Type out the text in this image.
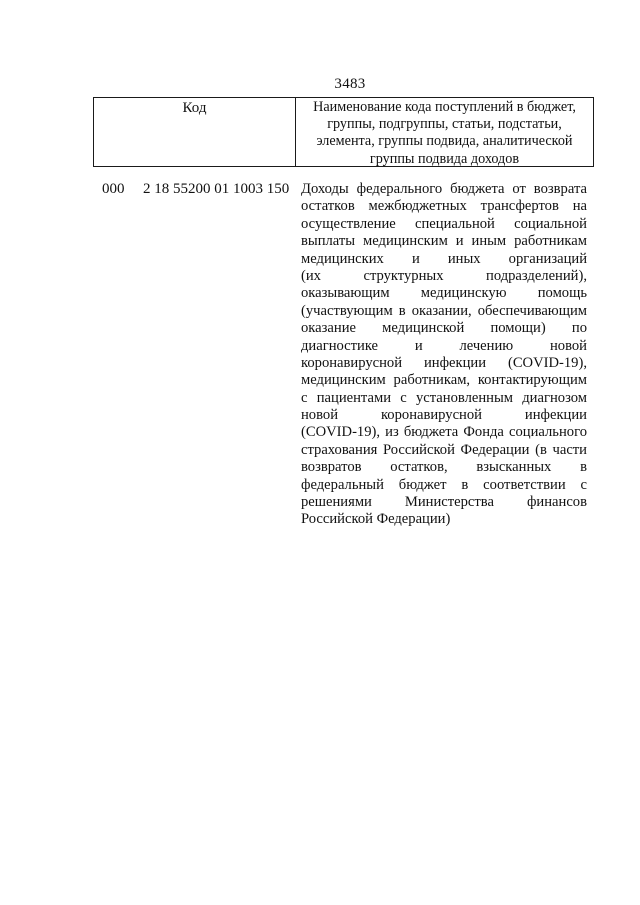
3483
Код	Наименование кода поступлений в бюджет,
группы, подгруппы, статьи, подстатьи,
элемента, группы подвида, аналитической
группы подвида доходов
000 2 18 55200 01 1003 150 Доходы федерального бюджета от возврата
остатков межбюджетных трансфертов на
осуществление специальной социальной
выплаты медицинским и иным работникам
медицинских и иных организаций
(их структурных подразделений),
оказывающим медицинскую помощь
(участвующим в оказании, обеспечивающим
оказание медицинской помощи) по
диагностике и лечению новой
коронавирусной инфекции (COVID-19),
медицинским работникам, контактирующим
с пациентами с установленным диагнозом
новой коронавирусной инфекции
(COVID-19), из бюджета Фонда социального
страхования Российской Федерации (в части
возвратов остатков, взысканных в
федеральный бюджет в соответствии с
решениями Министерства финансов
Российской Федерации)
